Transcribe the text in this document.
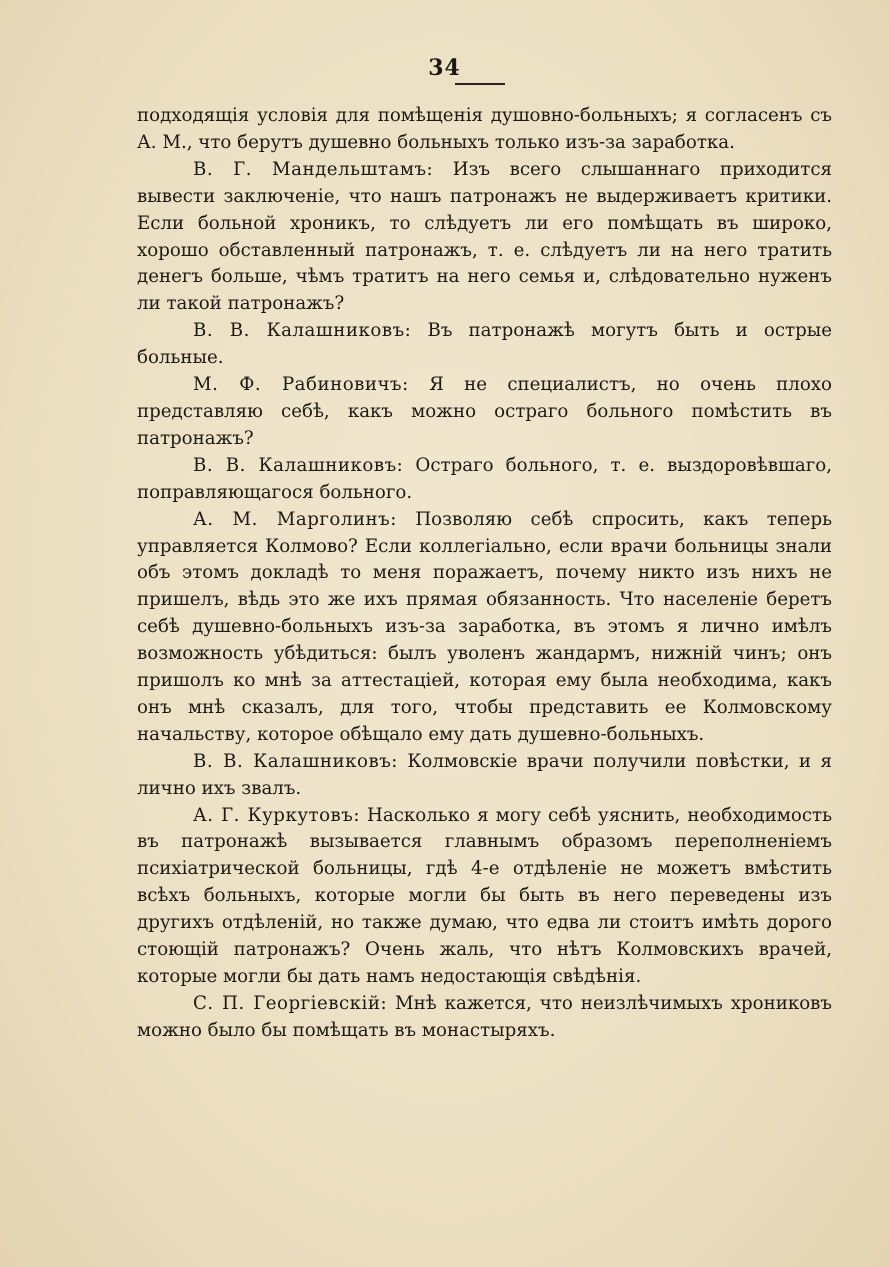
34

подходящія условія для помѣщенія душовно-больныхъ; я согласенъ съ А. М., что берутъ душевно больныхъ только изъ-за заработка.

В. Г. Мандельштамъ: Изъ всего слышаннаго приходится вывести заключеніе, что нашъ патронажъ не выдерживаетъ критики. Если больной хроникъ, то слѣдуетъ ли его помѣщать въ широко, хорошо обставленный патронажъ, т. е. слѣдуетъ ли на него тратить денегъ больше, чѣмъ тратитъ на него семья и, слѣдовательно нуженъ ли такой патронажъ?

В. В. Калашниковъ: Въ патронажѣ могутъ быть и острые больные.

М. Ф. Рабиновичъ: Я не специалистъ, но очень плохо представляю себѣ, какъ можно остраго больного помѣстить въ патронажъ?

В. В. Калашниковъ: Остраго больного, т. е. выздоровѣвшаго, поправляющагося больного.

А. М. Марголинъ: Позволяю себѣ спросить, какъ теперь управляется Колмово? Если коллегіально, если врачи больницы знали объ этомъ докладѣ то меня поражаетъ, почему никто изъ нихъ не пришелъ, вѣдь это же ихъ прямая обязанность. Что населеніе беретъ себѣ душевно-больныхъ изъ-за заработка, въ этомъ я лично имѣлъ возможность убѣдиться: былъ уволенъ жандармъ, нижній чинъ; онъ пришолъ ко мнѣ за аттестаціей, которая ему была необходима, какъ онъ мнѣ сказалъ, для того, чтобы представить ее Колмовскому начальству, которое обѣщало ему дать душевно-больныхъ.

В. В. Калашниковъ: Колмовскіе врачи получили повѣстки, и я лично ихъ звалъ.

А. Г. Куркутовъ: Насколько я могу себѣ уяснить, необходимость въ патронажѣ вызывается главнымъ образомъ переполненіемъ психіатрической больницы, гдѣ 4-е отдѣленіе не можетъ вмѣстить всѣхъ больныхъ, которые могли бы быть въ него переведены изъ другихъ отдѣленій, но также думаю, что едва ли стоитъ имѣть дорого стоющій патронажъ? Очень жаль, что нѣтъ Колмовскихъ врачей, которые могли бы дать намъ недостающія свѣдѣнія.

С. П. Георгіевскій: Мнѣ кажется, что неизлѣчимыхъ хрониковъ можно было бы помѣщать въ монастыряхъ.
